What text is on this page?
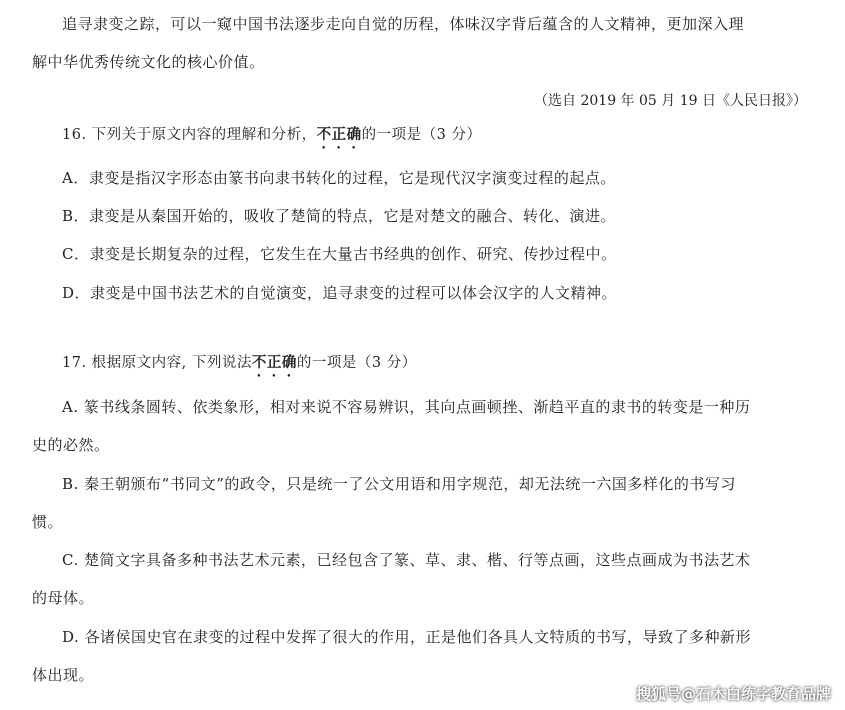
追寻隶变之踪，可以一窥中国书法逐步走向自觉的历程，体味汉字背后蕴含的人文精神，更加深入理
解中华优秀传统文化的核心价值。
（选自 2019 年 05 月 19 日《人民日报》）
16. 下列关于原文内容的理解和分析，不正确的一项是（3 分）
A．隶变是指汉字形态由篆书向隶书转化的过程，它是现代汉字演变过程的起点。
B．隶变是从秦国开始的，吸收了楚简的特点，它是对楚文的融合、转化、演进。
C．隶变是长期复杂的过程，它发生在大量古书经典的创作、研究、传抄过程中。
D．隶变是中国书法艺术的自觉演变，追寻隶变的过程可以体会汉字的人文精神。
17. 根据原文内容, 下列说法不正确的一项是（3 分）
A. 篆书线条圆转、依类象形，相对来说不容易辨识，其向点画顿挫、渐趋平直的隶书的转变是一种历
史的必然。
B. 秦王朝颁布“书同文”的政令，只是统一了公文用语和用字规范，却无法统一六国多样化的书写习
惯。
C. 楚简文字具备多种书法艺术元素，已经包含了篆、草、隶、楷、行等点画，这些点画成为书法艺术
的母体。
D. 各诸侯国史官在隶变的过程中发挥了很大的作用，正是他们各具人文特质的书写，导致了多种新形
体出现。
搜狐号@石木白练字教育品牌
